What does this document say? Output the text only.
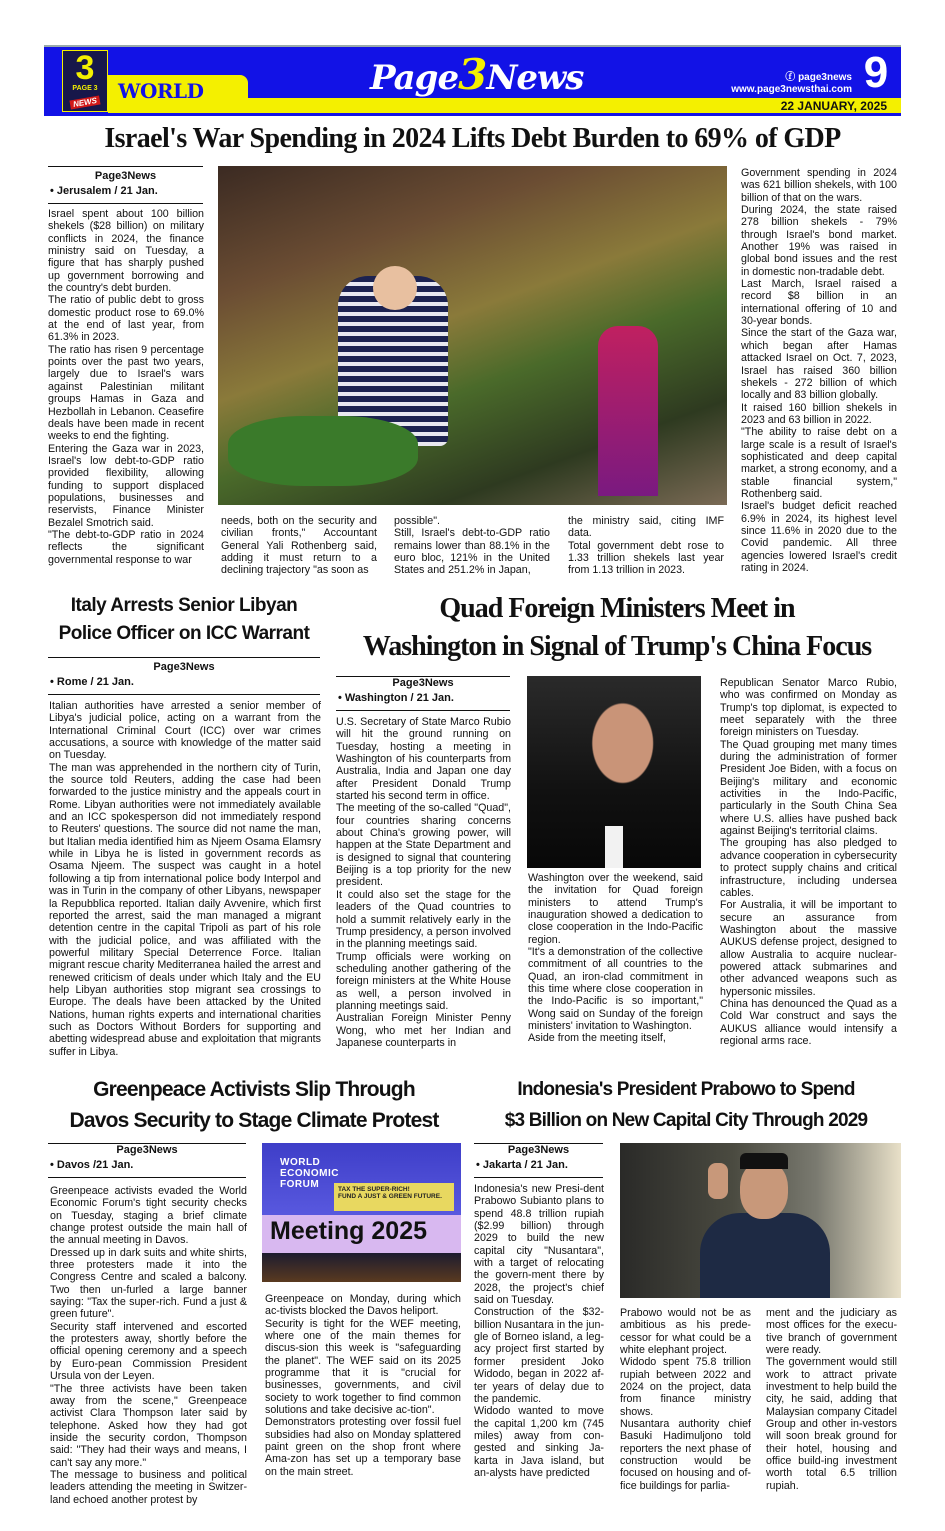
WORLD
3
PAGE 3
NEWS
Page3News	ⓕ page3news
www.page3newsthai.com 9
22 JANUARY, 2025
Israel's War Spending in 2024 Lifts Debt Burden to 69% of GDP
Page3News
• Jerusalem / 21 Jan.

Israel spent about 100 billion shekels ($28 billion) on military conflicts in 2024, the finance ministry said on Tuesday, a figure that has sharply pushed up government borrowing and the country's debt burden.

The ratio of public debt to gross domestic product rose to 69.0% at the end of last year, from 61.3% in 2023.

The ratio has risen 9 percentage points over the past two years, largely due to Israel's wars against Palestinian militant groups Hamas in Gaza and Hezbollah in Lebanon. Ceasefire deals have been made in recent weeks to end the fighting.

Entering the Gaza war in 2023, Israel's low debt-to-GDP ratio provided flexibility, allowing funding to support displaced populations, businesses and reservists, Finance Minister Bezalel Smotrich said.

"The debt-to-GDP ratio in 2024 reflects the significant governmental response to war

needs, both on the security and civilian fronts," Accountant General Yali Rothenberg said, adding it must return to a declining trajectory "as soon as

possible".

Still, Israel's debt-to-GDP ratio remains lower than 88.1% in the euro bloc, 121% in the United States and 251.2% in Japan,

the ministry said, citing IMF data.

Total government debt rose to 1.33 trillion shekels last year from 1.13 trillion in 2023.

Government spending in 2024 was 621 billion shekels, with 100 billion of that on the wars.

During 2024, the state raised 278 billion shekels - 79% through Israel's bond market. Another 19% was raised in global bond issues and the rest in domestic non-tradable debt.

Last March, Israel raised a record $8 billion in an international offering of 10 and 30-year bonds.

Since the start of the Gaza war, which began after Hamas attacked Israel on Oct. 7, 2023, Israel has raised 360 billion shekels - 272 billion of which locally and 83 billion globally.

It raised 160 billion shekels in 2023 and 63 billion in 2022.

"The ability to raise debt on a large scale is a result of Israel's sophisticated and deep capital market, a strong economy, and a stable financial system," Rothenberg said.

Israel's budget deficit reached 6.9% in 2024, its highest level since 11.6% in 2020 due to the Covid pandemic. All three agencies lowered Israel's credit rating in 2024.

Italy Arrests Senior Libyan
Police Officer on ICC Warrant
Page3News
• Rome / 21 Jan.

Italian authorities have arrested a senior member of Libya's judicial police, acting on a warrant from the International Criminal Court (ICC) over war crimes accusations, a source with knowledge of the matter said on Tuesday.

The man was apprehended in the northern city of Turin, the source told Reuters, adding the case had been forwarded to the justice ministry and the appeals court in Rome. Libyan authorities were not immediately available and an ICC spokesperson did not immediately respond to Reuters' questions. The source did not name the man, but Italian media identified him as Njeem Osama Elamsry while in Libya he is listed in government records as Osama Njeem. The suspect was caught in a hotel following a tip from international police body Interpol and was in Turin in the company of other Libyans, newspaper la Repubblica reported. Italian daily Avvenire, which first reported the arrest, said the man managed a migrant detention centre in the capital Tripoli as part of his role with the judicial police, and was affiliated with the powerful military Special Deterrence Force. Italian migrant rescue charity Mediterranea hailed the arrest and renewed criticism of deals under which Italy and the EU help Libyan authorities stop migrant sea crossings to Europe. The deals have been attacked by the United Nations, human rights experts and international charities such as Doctors Without Borders for supporting and abetting widespread abuse and exploitation that migrants suffer in Libya.

Quad Foreign Ministers Meet in
Washington in Signal of Trump's China Focus
Page3News
• Washington / 21 Jan.

U.S. Secretary of State Marco Rubio will hit the ground running on Tuesday, hosting a meeting in Washington of his counterparts from Australia, India and Japan one day after President Donald Trump started his second term in office.

The meeting of the so-called "Quad", four countries sharing concerns about China's growing power, will happen at the State Department and is designed to signal that countering Beijing is a top priority for the new president.

It could also set the stage for the leaders of the Quad countries to hold a summit relatively early in the Trump presidency, a person involved in the planning meetings said.

Trump officials were working on scheduling another gathering of the foreign ministers at the White House as well, a person involved in planning meetings said.

Australian Foreign Minister Penny Wong, who met her Indian and Japanese counterparts in

Washington over the weekend, said the invitation for Quad foreign ministers to attend Trump's inauguration showed a dedication to close cooperation in the Indo-Pacific region.

"It's a demonstration of the collective commitment of all countries to the Quad, an iron-clad commitment in this time where close cooperation in the Indo-Pacific is so important," Wong said on Sunday of the foreign ministers' invitation to Washington.

Aside from the meeting itself,

Republican Senator Marco Rubio, who was confirmed on Monday as Trump's top diplomat, is expected to meet separately with the three foreign ministers on Tuesday.

The Quad grouping met many times during the administration of former President Joe Biden, with a focus on Beijing's military and economic activities in the Indo-Pacific, particularly in the South China Sea where U.S. allies have pushed back against Beijing's territorial claims.

The grouping has also pledged to advance cooperation in cybersecurity to protect supply chains and critical infrastructure, including undersea cables.

For Australia, it will be important to secure an assurance from Washington about the massive AUKUS defense project, designed to allow Australia to acquire nuclear-powered attack submarines and other advanced weapons such as hypersonic missiles.

China has denounced the Quad as a Cold War construct and says the AUKUS alliance would intensify a regional arms race.

Greenpeace Activists Slip Through
Davos Security to Stage Climate Protest
Page3News
• Davos /21 Jan.

Greenpeace activists evaded the World Economic Forum's tight security checks on Tuesday, staging a brief climate change protest outside the main hall of the annual meeting in Davos.

Dressed up in dark suits and white shirts, three protesters made it into the Congress Centre and scaled a balcony. Two then un-furled a large banner saying: "Tax the super-rich. Fund a just & green future".

Security staff intervened and escorted the protesters away, shortly before the official opening ceremony and a speech by Euro-pean Commission President Ursula von der Leyen.

"The three activists have been taken away from the scene," Greenpeace activist Clara Thompson later said by telephone. Asked how they had got inside the security cordon, Thompson said: "They had their ways and means, I can't say any more."

The message to business and political leaders attending the meeting in Switzer-land echoed another protest by

WORLD
ECONOMIC
FORUM	TAX THE SUPER-RICH!
FUND A JUST & GREEN FUTURE.
Meeting 2025

Greenpeace on Monday, during which ac-tivists blocked the Davos heliport.

Security is tight for the WEF meeting, where one of the main themes for discus-sion this week is "safeguarding the planet". The WEF said on its 2025 programme that it is "crucial for businesses, governments, and civil society to work together to find common solutions and take decisive ac-tion".

Demonstrators protesting over fossil fuel subsidies had also on Monday splattered paint green on the shop front where Ama-zon has set up a temporary base on the main street.

Indonesia's President Prabowo to Spend
$3 Billion on New Capital City Through 2029
Page3News
• Jakarta / 21 Jan.

Indonesia's new Presi-dent Prabowo Subianto plans to spend 48.8 trillion rupiah ($2.99 billion) through 2029 to build the new capital city "Nusantara", with a target of relocating the govern-ment there by 2028, the project's chief said on Tuesday.

Construction of the $32-billion Nusantara in the jun-gle of Borneo island, a leg-acy project first started by former president Joko Widodo, began in 2022 af-ter years of delay due to the pandemic.

Widodo wanted to move the capital 1,200 km (745 miles) away from con-gested and sinking Ja-karta in Java island, but an-alysts have predicted

Prabowo would not be as ambitious as his prede-cessor for what could be a white elephant project.

Widodo spent 75.8 trillion rupiah between 2022 and 2024 on the project, data from finance ministry shows.

Nusantara authority chief Basuki Hadimuljono told reporters the next phase of construction would be focused on housing and of-fice buildings for parlia-

ment and the judiciary as most offices for the execu-tive branch of government were ready.

The government would still work to attract private investment to help build the city, he said, adding that Malaysian company Citadel Group and other in-vestors will soon break ground for their hotel, housing and office build-ing investment worth total 6.5 trillion rupiah.
